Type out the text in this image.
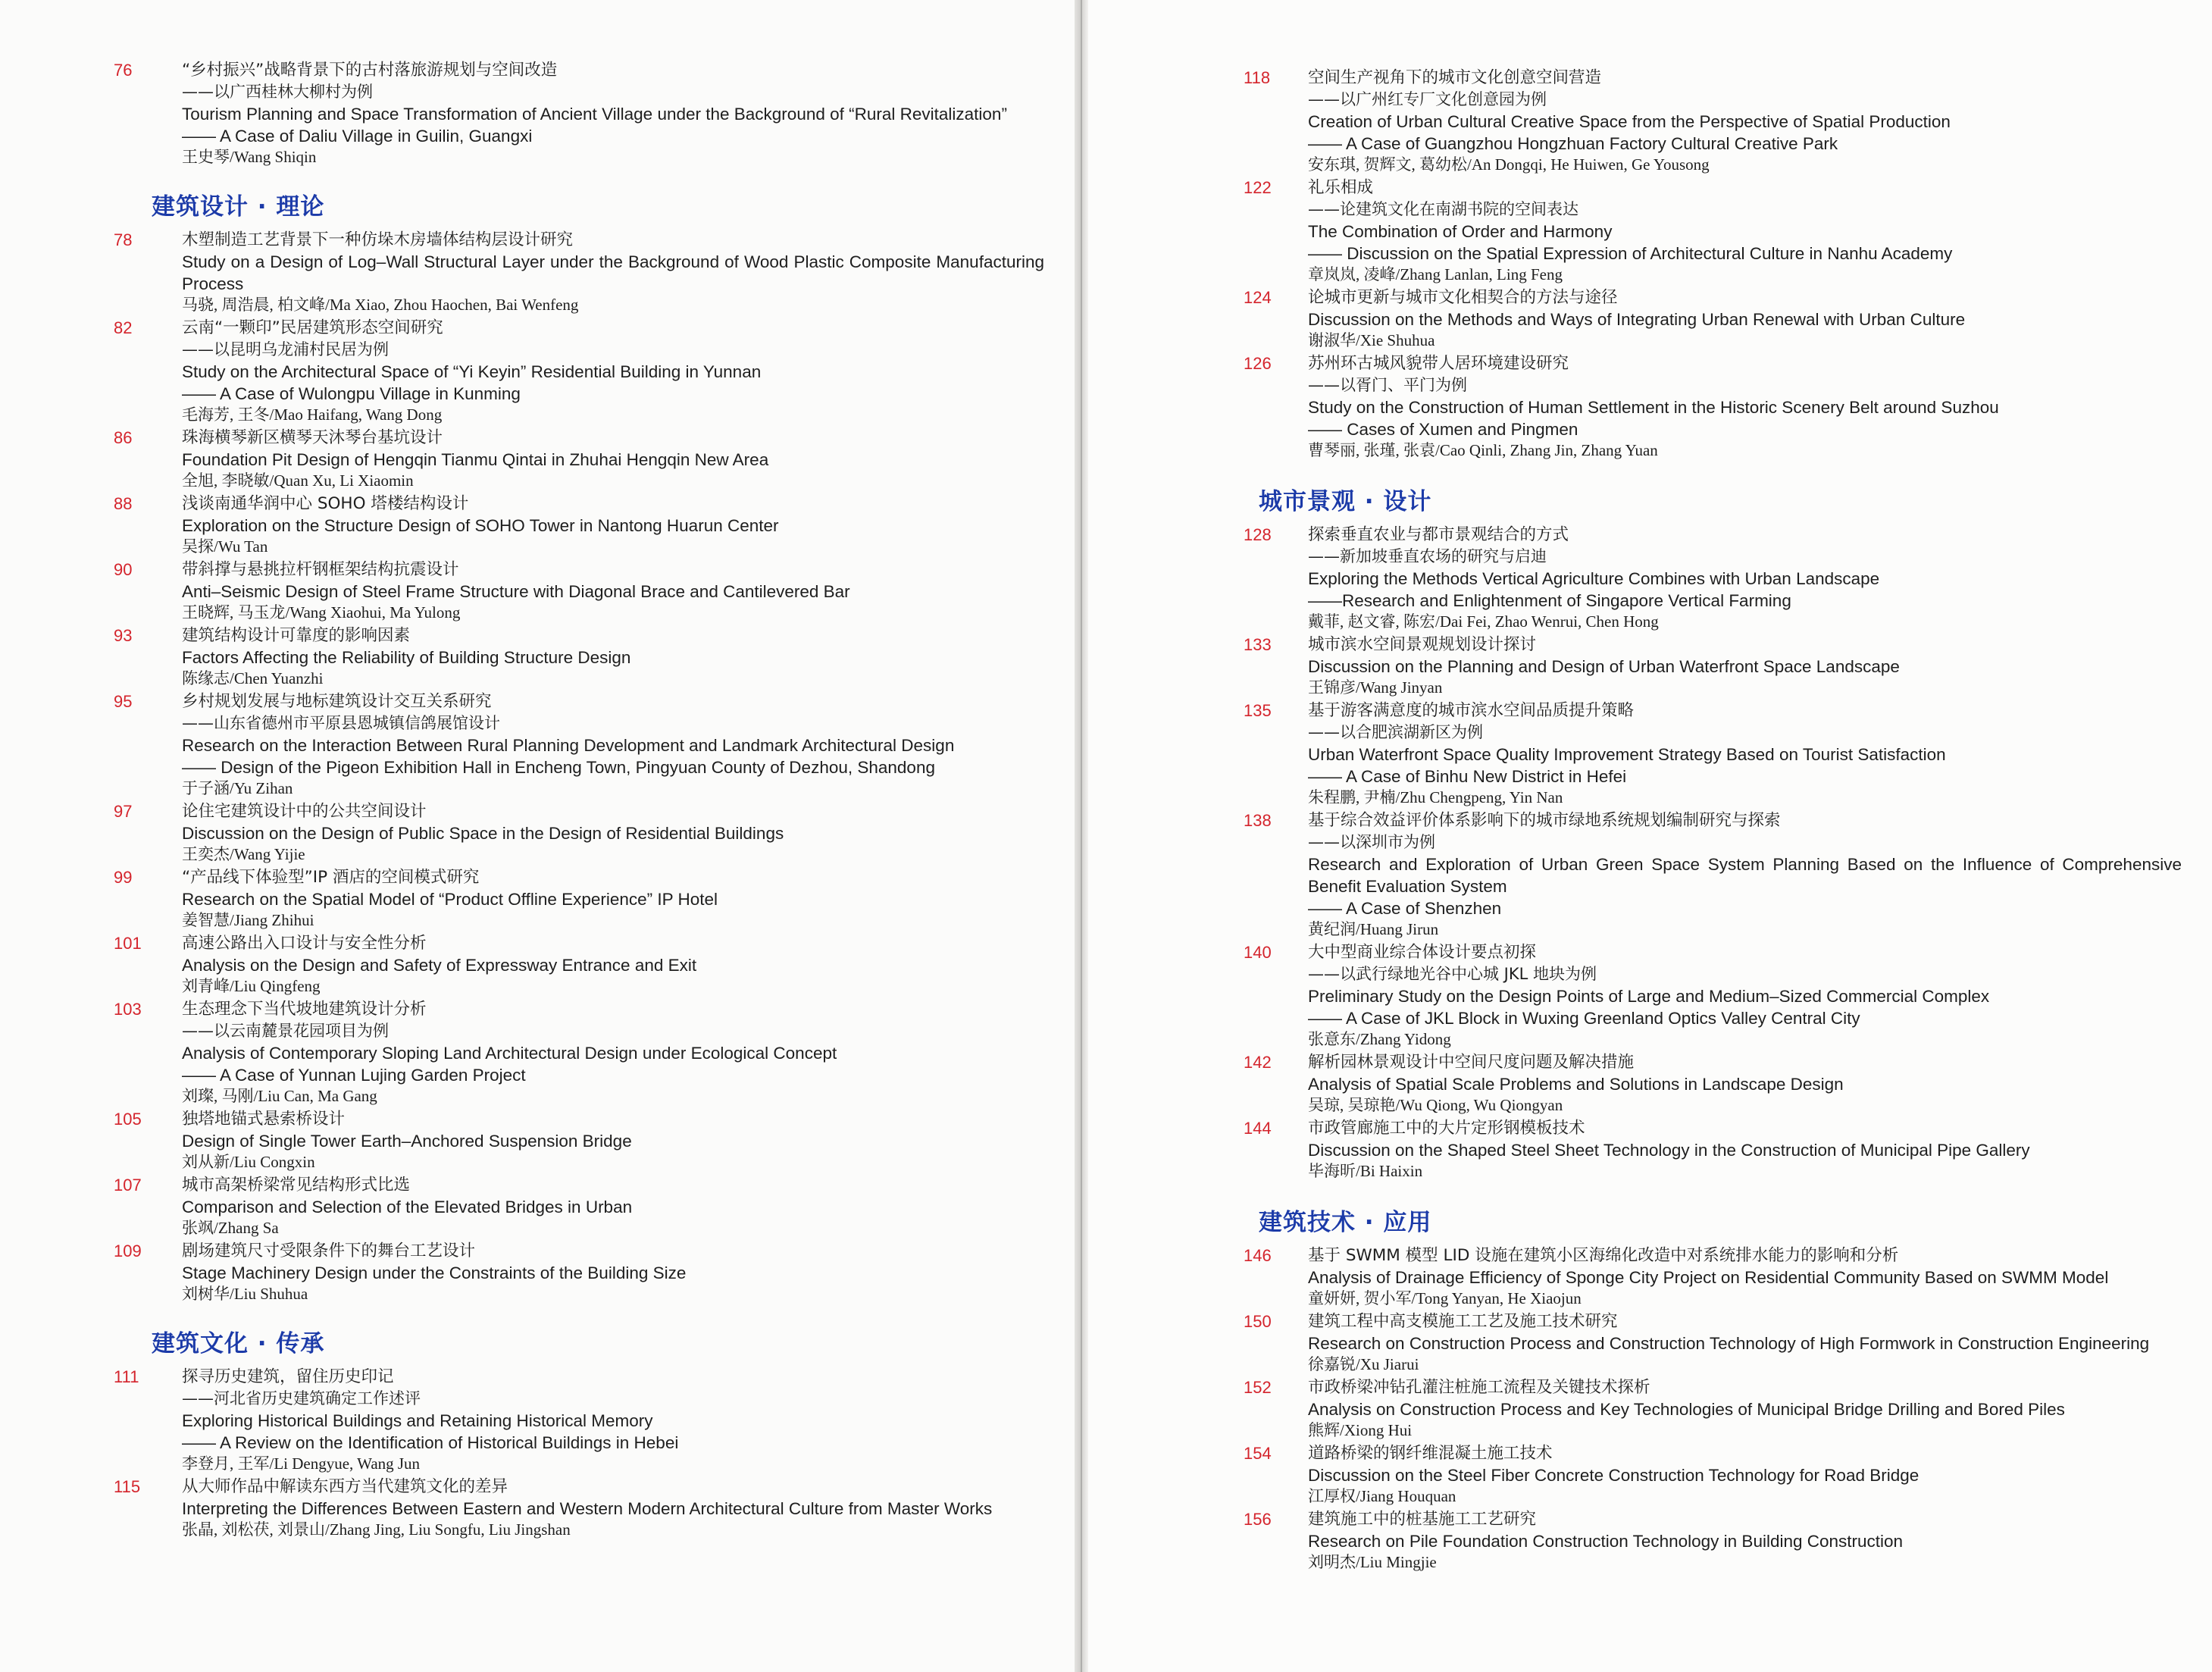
76	“乡村振兴”战略背景下的古村落旅游规划与空间改造
——以广西桂林大柳村为例
Tourism Planning and Space Transformation of Ancient Village under the Background of “Rural Revitalization”
—— A Case of Daliu Village in Guilin, Guangxi
王史琴/Wang Shiqin
建筑设计 · 理论
78	木塑制造工艺背景下一种仿垛木房墙体结构层设计研究
Study on a Design of Log–Wall Structural Layer under the Background of Wood Plastic Composite Manufacturing Process
马骁, 周浩晨, 柏文峰/Ma Xiao, Zhou Haochen, Bai Wenfeng
82	云南“一颗印”民居建筑形态空间研究
——以昆明乌龙浦村民居为例
Study on the Architectural Space of “Yi Keyin” Residential Building in Yunnan
—— A Case of Wulongpu Village in Kunming
毛海芳, 王冬/Mao Haifang, Wang Dong
86	珠海横琴新区横琴天沐琴台基坑设计
Foundation Pit Design of Hengqin Tianmu Qintai in Zhuhai Hengqin New Area
全旭, 李晓敏/Quan Xu, Li Xiaomin
88	浅谈南通华润中心 SOHO 塔楼结构设计
Exploration on the Structure Design of SOHO Tower in Nantong Huarun Center
吴探/Wu Tan
90	带斜撑与悬挑拉杆钢框架结构抗震设计
Anti–Seismic Design of Steel Frame Structure with Diagonal Brace and Cantilevered Bar
王晓辉, 马玉龙/Wang Xiaohui, Ma Yulong
93	建筑结构设计可靠度的影响因素
Factors Affecting the Reliability of Building Structure Design
陈缘志/Chen Yuanzhi
95	乡村规划发展与地标建筑设计交互关系研究
——山东省德州市平原县恩城镇信鸽展馆设计
Research on the Interaction Between Rural Planning Development and Landmark Architectural Design
—— Design of the Pigeon Exhibition Hall in Encheng Town, Pingyuan County of Dezhou, Shandong
于子涵/Yu Zihan
97	论住宅建筑设计中的公共空间设计
Discussion on the Design of Public Space in the Design of Residential Buildings
王奕杰/Wang Yijie
99	“产品线下体验型”IP 酒店的空间模式研究
Research on the Spatial Model of “Product Offline Experience” IP Hotel
姜智慧/Jiang Zhihui
101	高速公路出入口设计与安全性分析
Analysis on the Design and Safety of Expressway Entrance and Exit
刘青峰/Liu Qingfeng
103	生态理念下当代坡地建筑设计分析
——以云南麓景花园项目为例
Analysis of Contemporary Sloping Land Architectural Design under Ecological Concept
—— A Case of Yunnan Lujing Garden Project
刘璨, 马刚/Liu Can, Ma Gang
105	独塔地锚式悬索桥设计
Design of Single Tower Earth–Anchored Suspension Bridge
刘从新/Liu Congxin
107	城市高架桥梁常见结构形式比选
Comparison and Selection of the Elevated Bridges in Urban
张飒/Zhang Sa
109	剧场建筑尺寸受限条件下的舞台工艺设计
Stage Machinery Design under the Constraints of the Building Size
刘树华/Liu Shuhua
建筑文化 · 传承
111	探寻历史建筑，留住历史印记
——河北省历史建筑确定工作述评
Exploring Historical Buildings and Retaining Historical Memory
—— A Review on the Identification of Historical Buildings in Hebei
李登月, 王军/Li Dengyue, Wang Jun
115	从大师作品中解读东西方当代建筑文化的差异
Interpreting the Differences Between Eastern and Western Modern Architectural Culture from Master Works
张晶, 刘松茯, 刘景山/Zhang Jing, Liu Songfu, Liu Jingshan
118	空间生产视角下的城市文化创意空间营造
——以广州红专厂文化创意园为例
Creation of Urban Cultural Creative Space from the Perspective of Spatial Production
—— A Case of Guangzhou Hongzhuan Factory Cultural Creative Park
安东琪, 贺辉文, 葛幼松/An Dongqi, He Huiwen, Ge Yousong
122	礼乐相成
——论建筑文化在南湖书院的空间表达
The Combination of Order and Harmony
—— Discussion on the Spatial Expression of Architectural Culture in Nanhu Academy
章岚岚, 凌峰/Zhang Lanlan, Ling Feng
124	论城市更新与城市文化相契合的方法与途径
Discussion on the Methods and Ways of Integrating Urban Renewal with Urban Culture
谢淑华/Xie Shuhua
126	苏州环古城风貌带人居环境建设研究
——以胥门、平门为例
Study on the Construction of Human Settlement in the Historic Scenery Belt around Suzhou
—— Cases of Xumen and Pingmen
曹琴丽, 张瑾, 张袁/Cao Qinli, Zhang Jin, Zhang Yuan
城市景观 · 设计
128	探索垂直农业与都市景观结合的方式
——新加坡垂直农场的研究与启迪
Exploring the Methods Vertical Agriculture Combines with Urban Landscape
——Research and Enlightenment of Singapore Vertical Farming
戴菲, 赵文睿, 陈宏/Dai Fei, Zhao Wenrui, Chen Hong
133	城市滨水空间景观规划设计探讨
Discussion on the Planning and Design of Urban Waterfront Space Landscape
王锦彦/Wang Jinyan
135	基于游客满意度的城市滨水空间品质提升策略
——以合肥滨湖新区为例
Urban Waterfront Space Quality Improvement Strategy Based on Tourist Satisfaction
—— A Case of Binhu New District in Hefei
朱程鹏, 尹楠/Zhu Chengpeng, Yin Nan
138	基于综合效益评价体系影响下的城市绿地系统规划编制研究与探索
——以深圳市为例
Research and Exploration of Urban Green Space System Planning Based on the Influence of Comprehensive Benefit Evaluation System
—— A Case of Shenzhen
黄纪润/Huang Jirun
140	大中型商业综合体设计要点初探
——以武行绿地光谷中心城 JKL 地块为例
Preliminary Study on the Design Points of Large and Medium–Sized Commercial Complex
—— A Case of JKL Block in Wuxing Greenland Optics Valley Central City
张意东/Zhang Yidong
142	解析园林景观设计中空间尺度问题及解决措施
Analysis of Spatial Scale Problems and Solutions in Landscape Design
吴琼, 吴琼艳/Wu Qiong, Wu Qiongyan
144	市政管廊施工中的大片定形钢模板技术
Discussion on the Shaped Steel Sheet Technology in the Construction of Municipal Pipe Gallery
毕海昕/Bi Haixin
建筑技术 · 应用
146	基于 SWMM 模型 LID 设施在建筑小区海绵化改造中对系统排水能力的影响和分析
Analysis of Drainage Efficiency of Sponge City Project on Residential Community Based on SWMM Model
童妍妍, 贺小军/Tong Yanyan, He Xiaojun
150	建筑工程中高支模施工工艺及施工技术研究
Research on Construction Process and Construction Technology of High Formwork in Construction Engineering
徐嘉锐/Xu Jiarui
152	市政桥梁冲钻孔灌注桩施工流程及关键技术探析
Analysis on Construction Process and Key Technologies of Municipal Bridge Drilling and Bored Piles
熊辉/Xiong Hui
154	道路桥梁的钢纤维混凝土施工技术
Discussion on the Steel Fiber Concrete Construction Technology for Road Bridge
江厚权/Jiang Houquan
156	建筑施工中的桩基施工工艺研究
Research on Pile Foundation Construction Technology in Building Construction
刘明杰/Liu Mingjie
